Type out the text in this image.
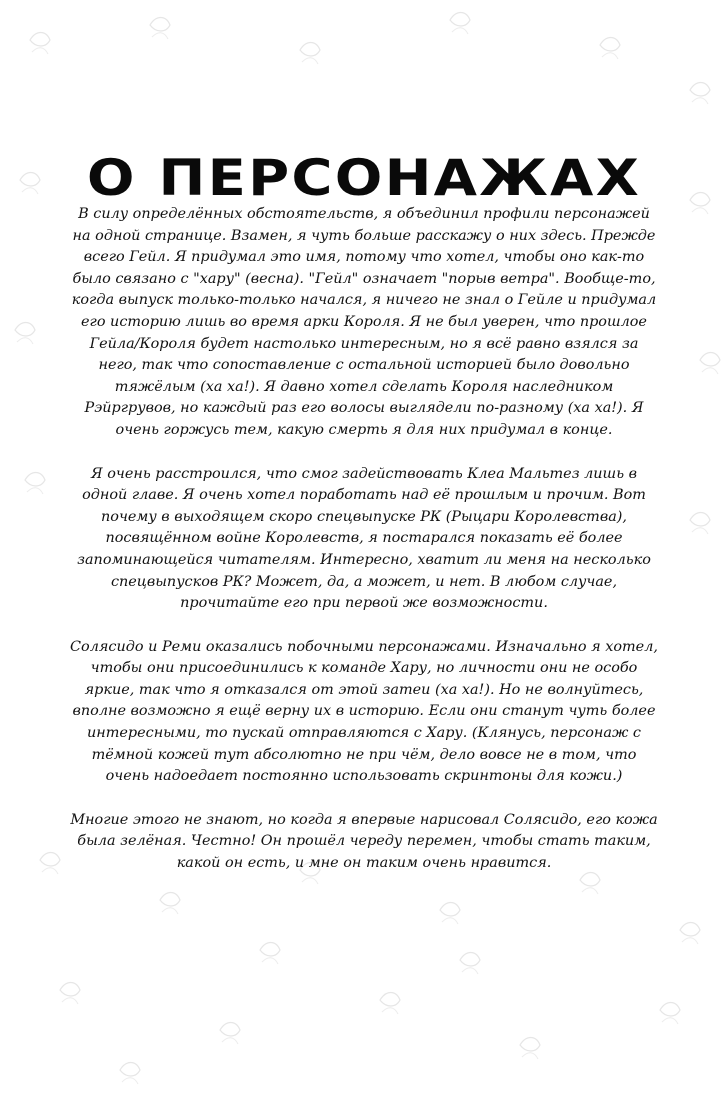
О ПЕРСОНАЖАХ

В силу определённых обстоятельств, я объединил профили персонажей на одной странице. Взамен, я чуть больше расскажу о них здесь. Прежде всего Гейл. Я придумал это имя, потому что хотел, чтобы оно как-то было связано с "хару" (весна). "Гейл" означает "порыв ветра". Вообще-то, когда выпуск только-только начался, я ничего не знал о Гейле и придумал его историю лишь во время арки Короля. Я не был уверен, что прошлое Гейла/Короля будет настолько интересным, но я всё равно взялся за него, так что сопоставление с остальной историей было довольно тяжёлым (ха ха!). Я давно хотел сделать Короля наследником Рэйргрувов, но каждый раз его волосы выглядели по-разному (ха ха!). Я очень горжусь тем, какую смерть я для них придумал в конце.

Я очень расстроился, что смог задействовать Клеа Мальтез лишь в одной главе. Я очень хотел поработать над её прошлым и прочим. Вот почему в выходящем скоро спецвыпуске РК (Рыцари Королевства), посвящённом войне Королевств, я постарался показать её более запоминающейся читателям. Интересно, хватит ли меня на несколько спецвыпусков РК? Может, да, а может, и нет. В любом случае, прочитайте его при первой же возможности.

Солясидо и Реми оказались побочными персонажами. Изначально я хотел, чтобы они присоединились к команде Хару, но личности они не особо яркие, так что я отказался от этой затеи (ха ха!). Но не волнуйтесь, вполне возможно я ещё верну их в историю. Если они станут чуть более интересными, то пускай отправляются с Хару. (Клянусь, персонаж с тёмной кожей тут абсолютно не при чём, дело вовсе не в том, что очень надоедает постоянно использовать скринтоны для кожи.)

Многие этого не знают, но когда я впервые нарисовал Солясидо, его кожа была зелёная. Честно! Он прошёл череду перемен, чтобы стать таким, какой он есть, и мне он таким очень нравится.
